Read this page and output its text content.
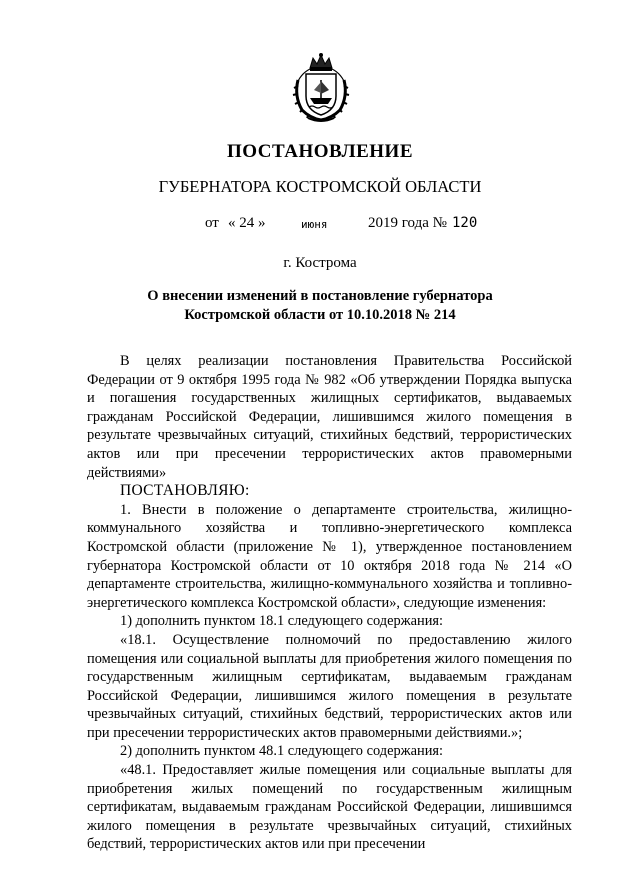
ПОСТАНОВЛЕНИЕ
ГУБЕРНАТОРА КОСТРОМСКОЙ ОБЛАСТИ
от « 24 »	июня	2019 года № 120
г. Кострома
О внесении изменений в постановление губернатора
Костромской области от 10.10.2018 № 214

В целях реализации постановления Правительства Российской Федерации от 9 октября 1995 года № 982 «Об утверждении Порядка выпуска и погашения государственных жилищных сертификатов, выдаваемых гражданам Российской Федерации, лишившимся жилого помещения в результате чрезвычайных ситуаций, стихийных бедствий, террористических актов или при пресечении террористических актов правомерными действиями»

ПОСТАНОВЛЯЮ:

1. Внести в положение о департаменте строительства, жилищно-коммунального хозяйства и топливно-энергетического комплекса Костромской области (приложение № 1), утвержденное постановлением губернатора Костромской области от 10 октября 2018 года № 214 «О департаменте строительства, жилищно-коммунального хозяйства и топливно-энергетического комплекса Костромской области», следующие изменения:

1) дополнить пунктом 18.1 следующего содержания:

«18.1. Осуществление полномочий по предоставлению жилого помещения или социальной выплаты для приобретения жилого помещения по государственным жилищным сертификатам, выдаваемым гражданам Российской Федерации, лишившимся жилого помещения в результате чрезвычайных ситуаций, стихийных бедствий, террористических актов или при пресечении террористических актов правомерными действиями.»;

2) дополнить пунктом 48.1 следующего содержания:

«48.1. Предоставляет жилые помещения или социальные выплаты для приобретения жилых помещений по государственным жилищным сертификатам, выдаваемым гражданам Российской Федерации, лишившимся жилого помещения в результате чрезвычайных ситуаций, стихийных бедствий, террористических актов или при пресечении
